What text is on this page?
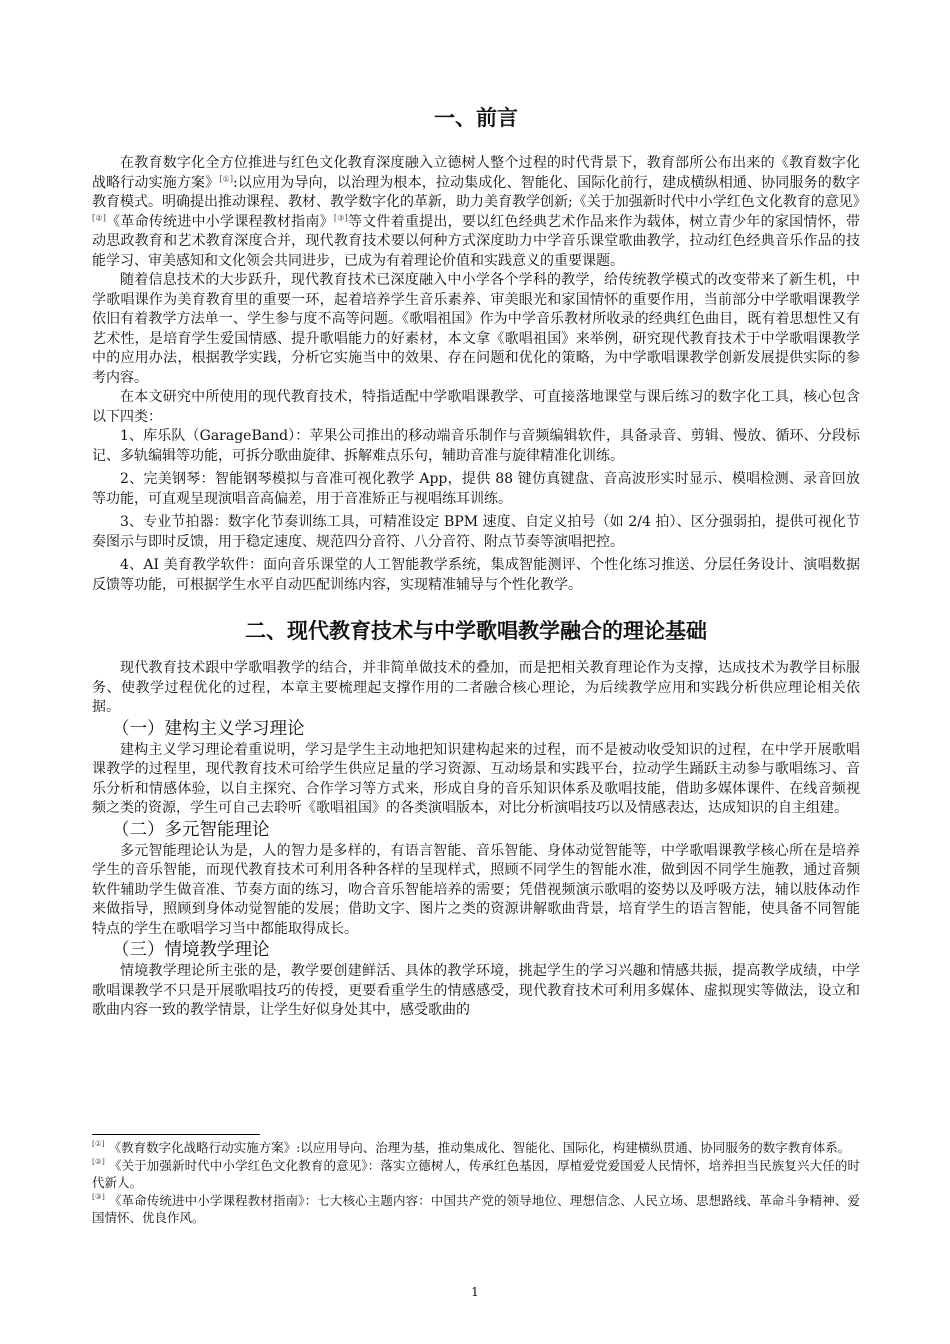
一、前言

在教育数字化全方位推进与红色文化教育深度融入立德树人整个过程的时代背景下，教育部所公布出来的《教育数字化战略行动实施方案》[①]:以应用为导向，以治理为根本，拉动集成化、智能化、国际化前行，建成横纵相通、协同服务的数字教育模式。明确提出推动课程、教材、教学数字化的革新，助力美育教学创新;《关于加强新时代中小学红色文化教育的意见》[②]《革命传统进中小学课程教材指南》[③]等文件着重提出，要以红色经典艺术作品来作为载体，树立青少年的家国情怀，带动思政教育和艺术教育深度合并，现代教育技术要以何种方式深度助力中学音乐课堂歌曲教学，拉动红色经典音乐作品的技能学习、审美感知和文化领会共同进步，已成为有着理论价值和实践意义的重要课题。

随着信息技术的大步跃升，现代教育技术已深度融入中小学各个学科的教学，给传统教学模式的改变带来了新生机，中学歌唱课作为美育教育里的重要一环，起着培养学生音乐素养、审美眼光和家国情怀的重要作用，当前部分中学歌唱课教学依旧有着教学方法单一、学生参与度不高等问题。《歌唱祖国》作为中学音乐教材所收录的经典红色曲目，既有着思想性又有艺术性，是培育学生爱国情感、提升歌唱能力的好素材，本文拿《歌唱祖国》来举例，研究现代教育技术于中学歌唱课教学中的应用办法，根据教学实践，分析它实施当中的效果、存在问题和优化的策略，为中学歌唱课教学创新发展提供实际的参考内容。

在本文研究中所使用的现代教育技术，特指适配中学歌唱课教学、可直接落地课堂与课后练习的数字化工具，核心包含以下四类：

1、库乐队（GarageBand）：苹果公司推出的移动端音乐制作与音频编辑软件，具备录音、剪辑、慢放、循环、分段标记、多轨编辑等功能，可拆分歌曲旋律、拆解难点乐句，辅助音准与旋律精准化训练。

2、完美钢琴：智能钢琴模拟与音准可视化教学 App，提供 88 键仿真键盘、音高波形实时显示、模唱检测、录音回放等功能，可直观呈现演唱音高偏差，用于音准矫正与视唱练耳训练。

3、专业节拍器：数字化节奏训练工具，可精准设定 BPM 速度、自定义拍号（如 2/4 拍）、区分强弱拍，提供可视化节奏图示与即时反馈，用于稳定速度、规范四分音符、八分音符、附点节奏等演唱把控。

4、AI 美育教学软件：面向音乐课堂的人工智能教学系统，集成智能测评、个性化练习推送、分层任务设计、演唱数据反馈等功能，可根据学生水平自动匹配训练内容，实现精准辅导与个性化教学。

二、现代教育技术与中学歌唱教学融合的理论基础

现代教育技术跟中学歌唱教学的结合，并非简单做技术的叠加，而是把相关教育理论作为支撑，达成技术为教学目标服务、使教学过程优化的过程，本章主要梳理起支撑作用的二者融合核心理论，为后续教学应用和实践分析供应理论相关依据。

（一）建构主义学习理论

建构主义学习理论着重说明，学习是学生主动地把知识建构起来的过程，而不是被动收受知识的过程，在中学开展歌唱课教学的过程里，现代教育技术可给学生供应足量的学习资源、互动场景和实践平台，拉动学生踊跃主动参与歌唱练习、音乐分析和情感体验，以自主探究、合作学习等方式来，形成自身的音乐知识体系及歌唱技能，借助多媒体课件、在线音频视频之类的资源，学生可自己去聆听《歌唱祖国》的各类演唱版本，对比分析演唱技巧以及情感表达，达成知识的自主组建。

（二）多元智能理论

多元智能理论认为是，人的智力是多样的，有语言智能、音乐智能、身体动觉智能等，中学歌唱课教学核心所在是培养学生的音乐智能，而现代教育技术可利用各种各样的呈现样式，照顾不同学生的智能水准，做到因不同学生施教，通过音频软件辅助学生做音准、节奏方面的练习，吻合音乐智能培养的需要；凭借视频演示歌唱的姿势以及呼吸方法，辅以肢体动作来做指导，照顾到身体动觉智能的发展；借助文字、图片之类的资源讲解歌曲背景，培育学生的语言智能，使具备不同智能特点的学生在歌唱学习当中都能取得成长。

（三）情境教学理论

情境教学理论所主张的是，教学要创建鲜活、具体的教学环境，挑起学生的学习兴趣和情感共振，提高教学成绩，中学歌唱课教学不只是开展歌唱技巧的传授，更要看重学生的情感感受，现代教育技术可利用多媒体、虚拟现实等做法，设立和歌曲内容一致的教学情景，让学生好似身处其中，感受歌曲的

[①] 《教育数字化战略行动实施方案》:以应用导向、治理为基，推动集成化、智能化、国际化，构建横纵贯通、协同服务的数字教育体系。
[②] 《关于加强新时代中小学红色文化教育的意见》：落实立德树人，传承红色基因，厚植爱党爱国爱人民情怀，培养担当民族复兴大任的时代新人。
[③] 《革命传统进中小学课程教材指南》：七大核心主题内容：中国共产党的领导地位、理想信念、人民立场、思想路线、革命斗争精神、爱国情怀、优良作风。
1
